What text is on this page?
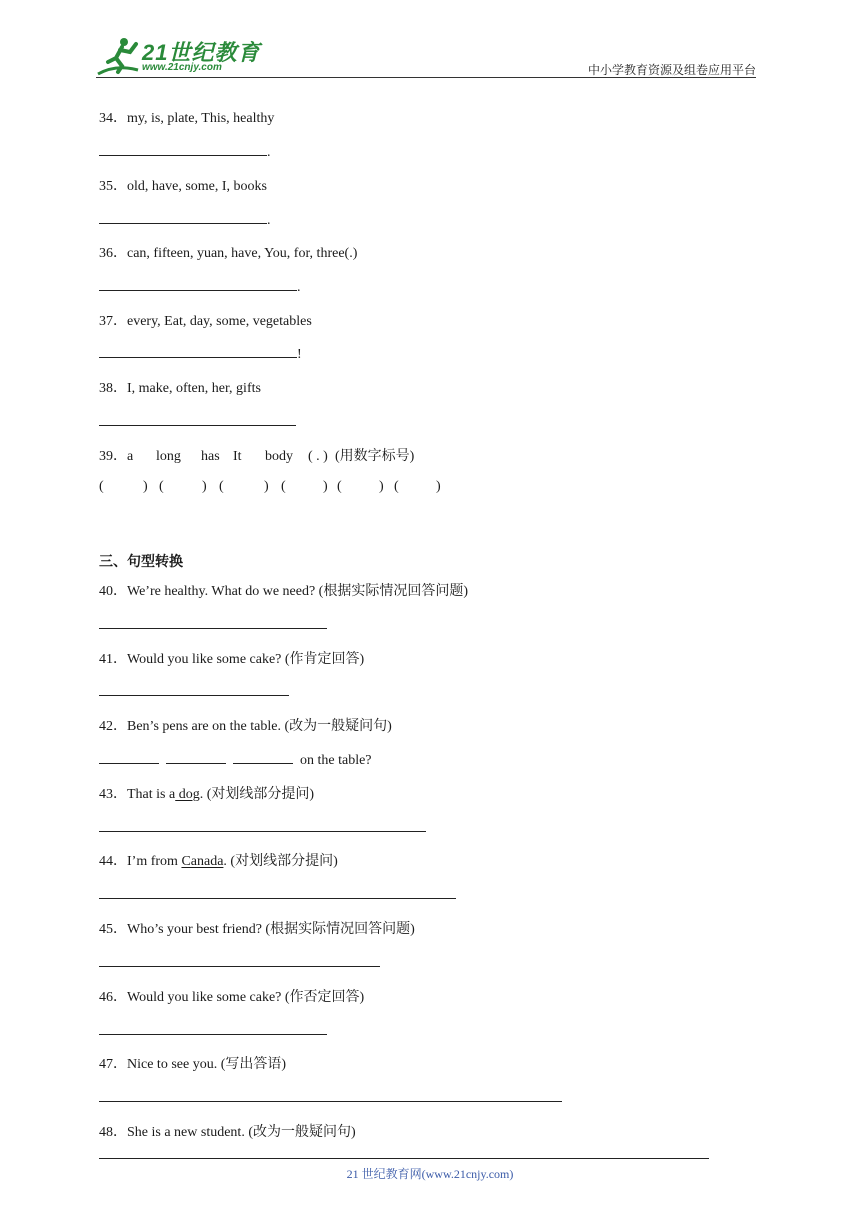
21世纪教育
www.21cnjy.com	中小学教育资源及组卷应用平台
34．my, is, plate, This, healthy
.
35．old, have, some, I, books
.
36．can, fifteen, yuan, have, You, for, three(.)
.
37．every, Eat, day, some, vegetables
!
38．I, make, often, her, gifts
39．a long has It body ( . ) (用数字标号)
(	) (	) (	) (	) (	) (	)
三、句型转换
40．We’re healthy. What do we need? (根据实际情况回答问题)
41．Would you like some cake? (作肯定回答)
42．Ben’s pens are on the table. (改为一般疑问句)
on the table?
43．That is a dog. (对划线部分提问)
44．I’m from Canada. (对划线部分提问)
45．Who’s your best friend? (根据实际情况回答问题)
46．Would you like some cake? (作否定回答)
47．Nice to see you. (写出答语)
48．She is a new student. (改为一般疑问句)
21 世纪教育网(www.21cnjy.com)
